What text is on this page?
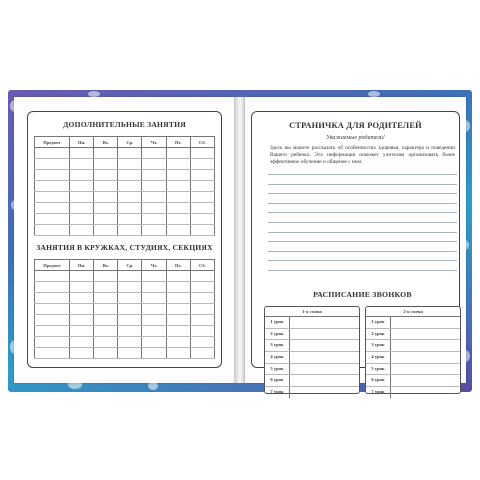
ДОПОЛНИТЕЛЬНЫЕ ЗАНЯТИЯ
Предмет	Пн.	Вт.	Ср.	Чт.	Пт.	Сб.

ЗАНЯТИЯ В КРУЖКАХ, СТУДИЯХ, СЕКЦИЯХ
Предмет	Пн.	Вт.	Ср.	Чт.	Пт.	Сб.

СТРАНИЧКА ДЛЯ РОДИТЕЛЕЙ
Уважаемые родители!
Здесь вы можете рассказать об особенностях здоровья, характера и поведении Вашего ребенка. Эта информация поможет учителям организовать более эффективное обучение и общение с ним.
РАСПИСАНИЕ ЗВОНКОВ
1-я смена
1 урок
2 урок
3 урок
4 урок
5 урок
6 урок
7 урок
2-я смена
1 урок
2 урок
3 урок
4 урок
5 урок
6 урок
7 урок
